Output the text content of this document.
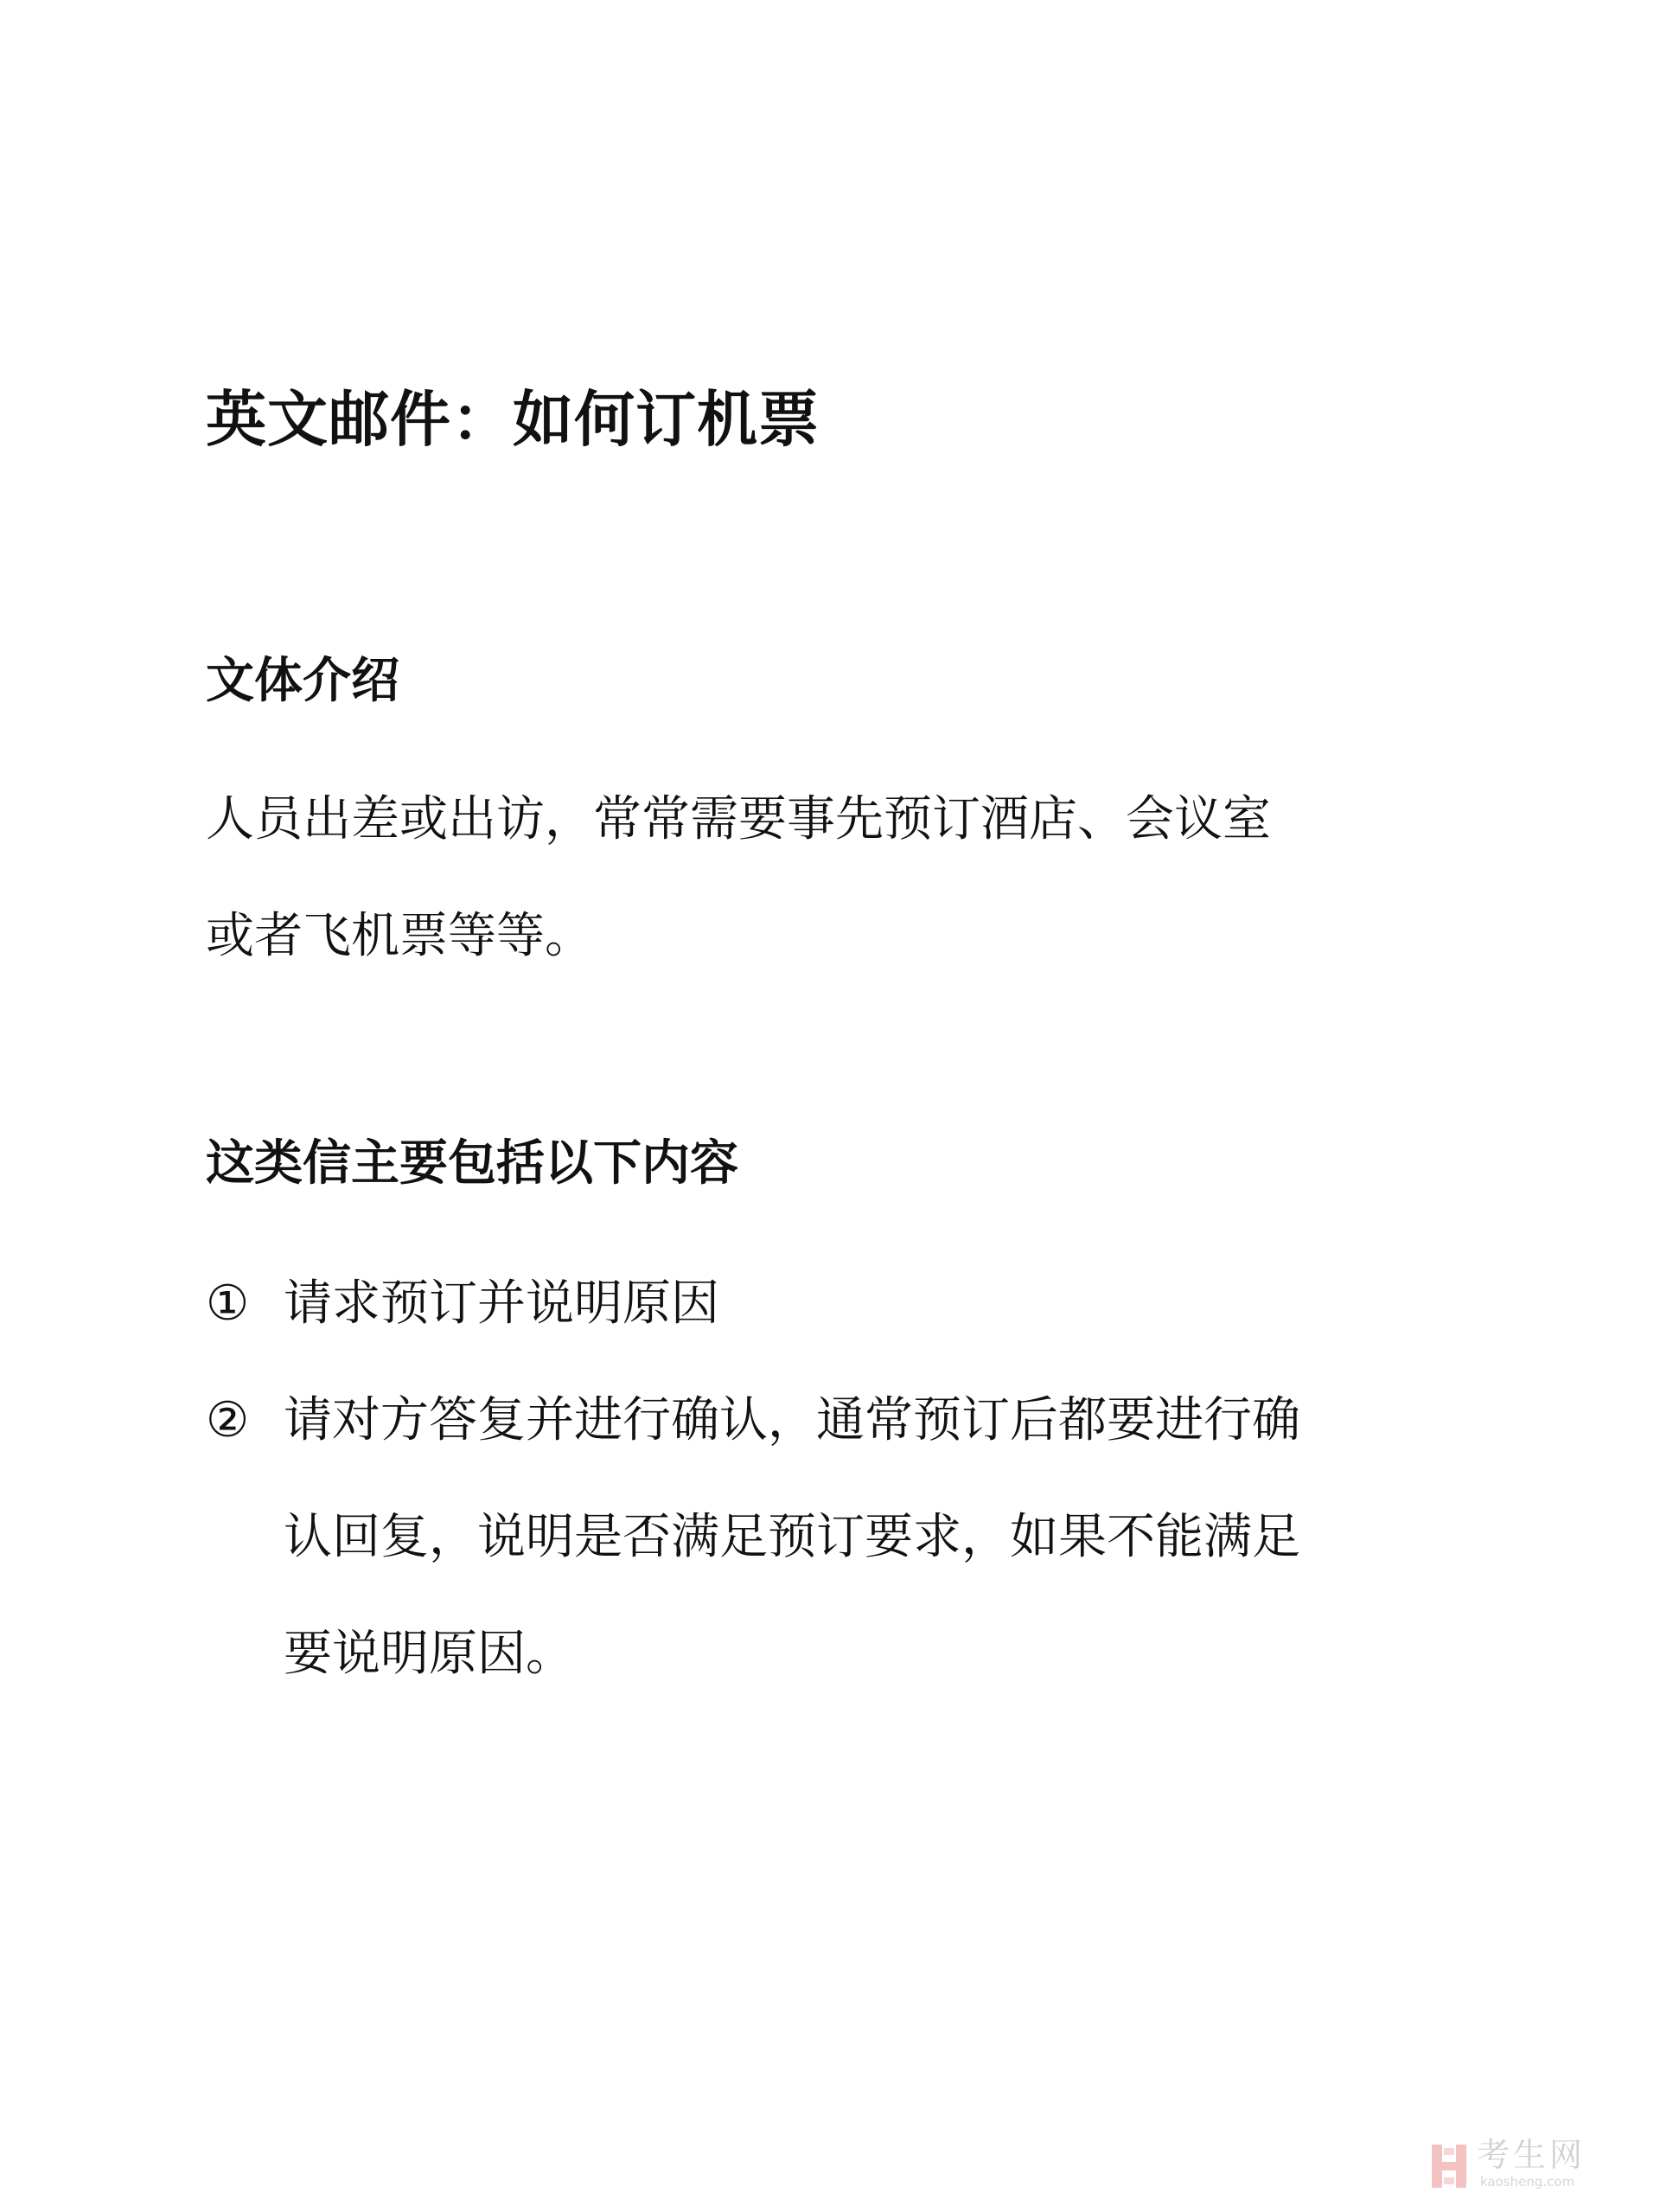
英文邮件：如何订机票
文体介绍

人员出差或出访，常常需要事先预订酒店、会议室
或者飞机票等等。

这类信主要包括以下内容
① 请求预订并说明原因
② 请对方答复并进行确认，通常预订后都要进行确
认回复，说明是否满足预订要求，如果不能满足
要说明原因。
考生网
kaosheng.com
